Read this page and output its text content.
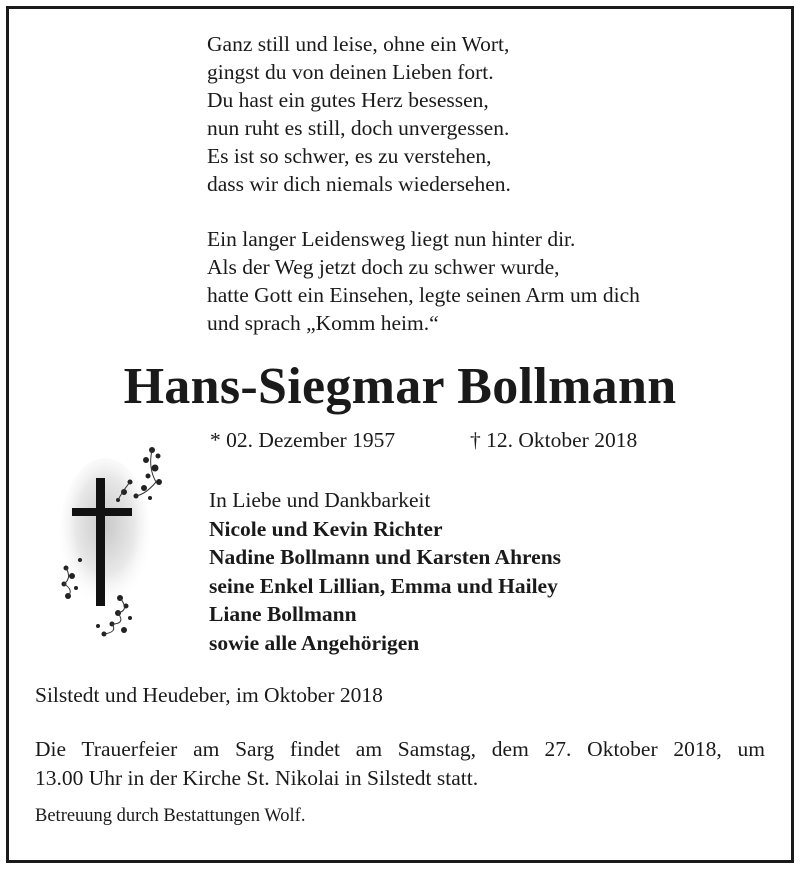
Ganz still und leise, ohne ein Wort,
gingst du von deinen Lieben fort.
Du hast ein gutes Herz besessen,
nun ruht es still, doch unvergessen.
Es ist so schwer, es zu verstehen,
dass wir dich niemals wiedersehen.
Ein langer Leidensweg liegt nun hinter dir.
Als der Weg jetzt doch zu schwer wurde,
hatte Gott ein Einsehen, legte seinen Arm um dich
und sprach „Komm heim.“
Hans-Siegmar Bollmann
* 02. Dezember 1957	† 12. Oktober 2018
In Liebe und Dankbarkeit
Nicole und Kevin Richter
Nadine Bollmann und Karsten Ahrens
seine Enkel Lillian, Emma und Hailey
Liane Bollmann
sowie alle Angehörigen
Silstedt und Heudeber, im Oktober 2018
Die Trauerfeier am Sarg findet am Samstag, dem 27. Oktober 2018, um
13.00 Uhr in der Kirche St. Nikolai in Silstedt statt.
Betreuung durch Bestattungen Wolf.
